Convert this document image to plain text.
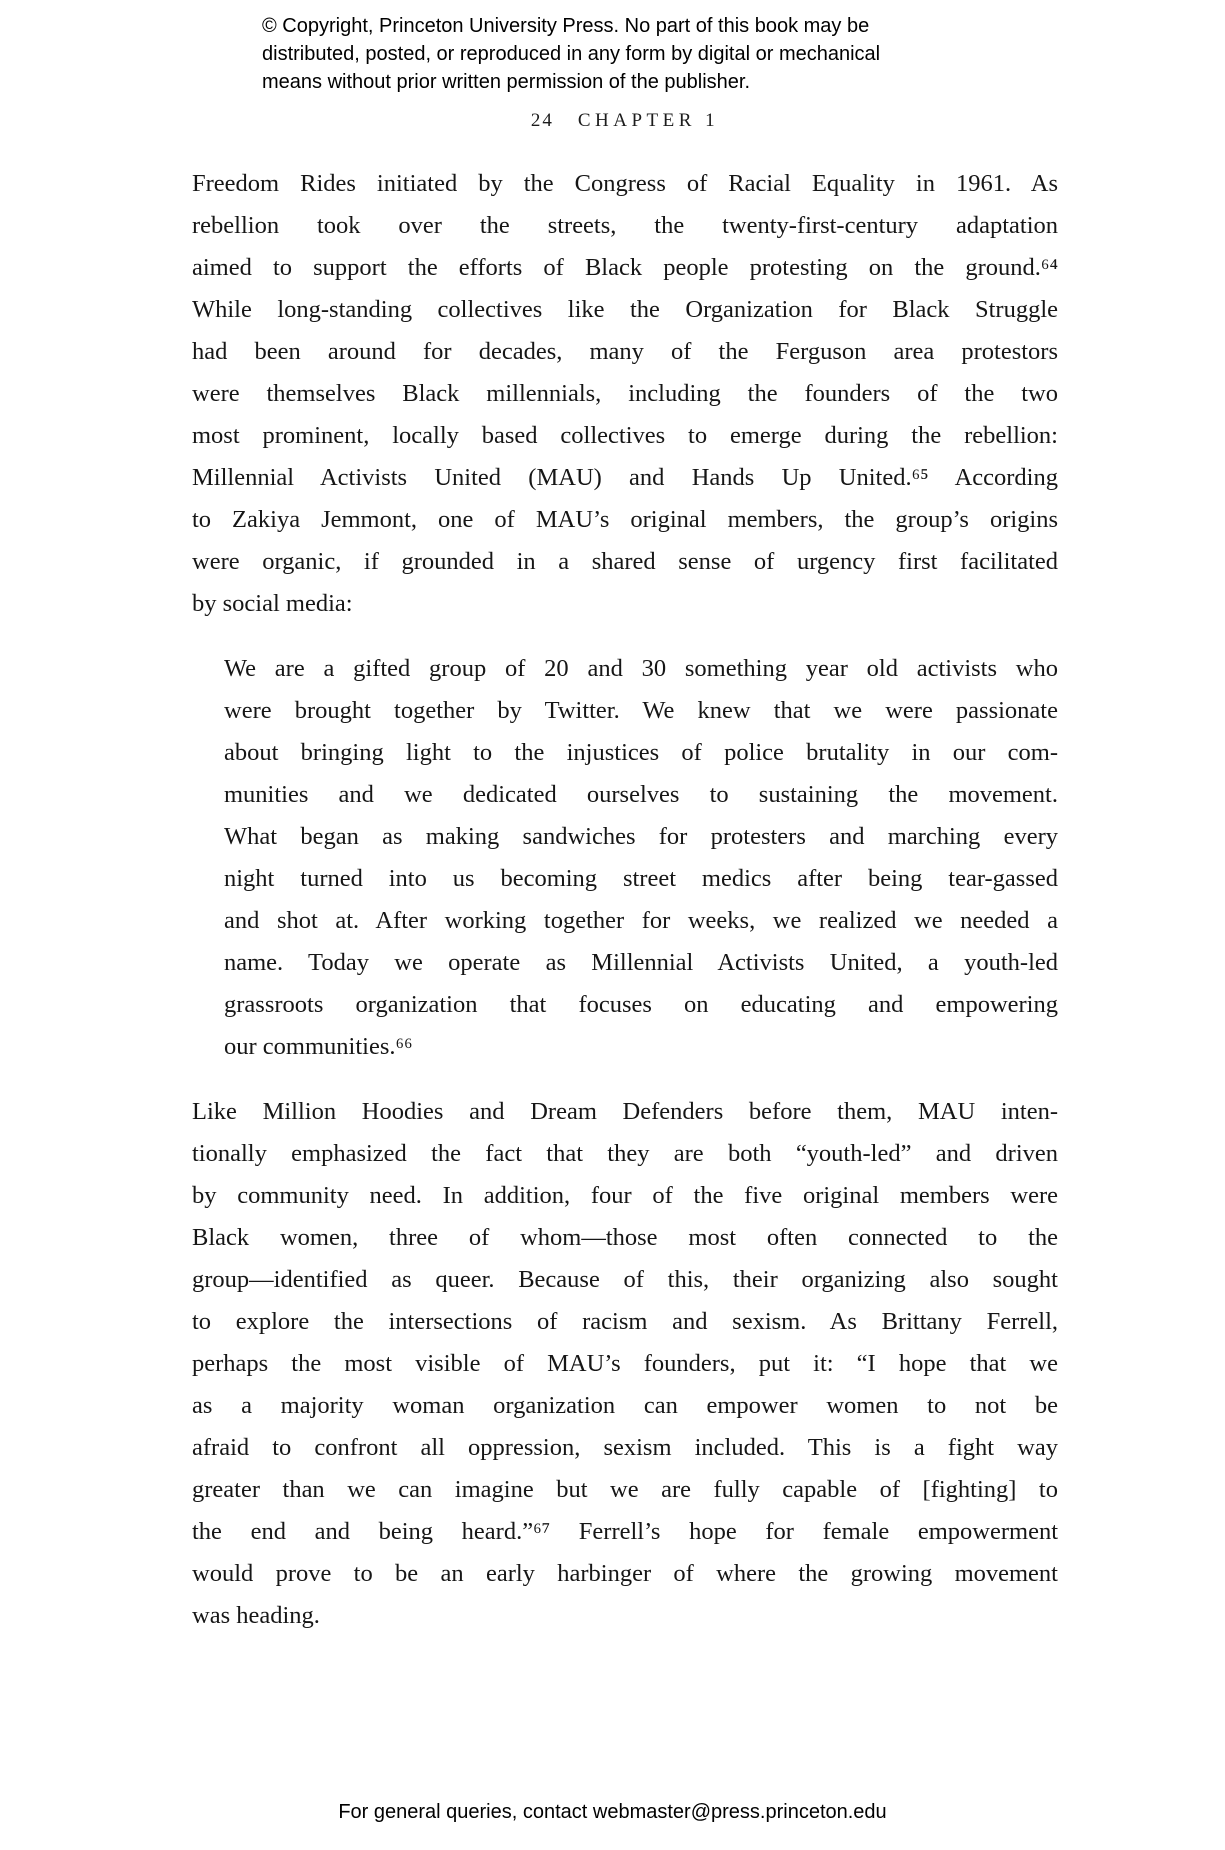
© Copyright, Princeton University Press. No part of this book may be
distributed, posted, or reproduced in any form by digital or mechanical
means without prior written permission of the publisher.
24 CHAPTER 1
Freedom Rides initiated by the Congress of Racial Equality in 1961. As
rebellion took over the streets, the twenty-first-century adaptation
aimed to support the efforts of Black people protesting on the ground.⁶⁴
While long-standing collectives like the Organization for Black Struggle
had been around for decades, many of the Ferguson area protestors
were themselves Black millennials, including the founders of the two
most prominent, locally based collectives to emerge during the rebellion:
Millennial Activists United (MAU) and Hands Up United.⁶⁵ According
to Zakiya Jemmont, one of MAU’s original members, the group’s origins
were organic, if grounded in a shared sense of urgency first facilitated
by social media:
We are a gifted group of 20 and 30 something year old activists who
were brought together by Twitter. We knew that we were passionate
about bringing light to the injustices of police brutality in our com-
munities and we dedicated ourselves to sustaining the movement.
What began as making sandwiches for protesters and marching every
night turned into us becoming street medics after being tear-gassed
and shot at. After working together for weeks, we realized we needed a
name. Today we operate as Millennial Activists United, a youth-led
grassroots organization that focuses on educating and empowering
our communities.⁶⁶
Like Million Hoodies and Dream Defenders before them, MAU inten-
tionally emphasized the fact that they are both “youth-led” and driven
by community need. In addition, four of the five original members were
Black women, three of whom—those most often connected to the
group—identified as queer. Because of this, their organizing also sought
to explore the intersections of racism and sexism. As Brittany Ferrell,
perhaps the most visible of MAU’s founders, put it: “I hope that we
as a majority woman organization can empower women to not be
afraid to confront all oppression, sexism included. This is a fight way
greater than we can imagine but we are fully capable of [fighting] to
the end and being heard.”⁶⁷ Ferrell’s hope for female empowerment
would prove to be an early harbinger of where the growing movement
was heading.
For general queries, contact webmaster@press.princeton.edu
